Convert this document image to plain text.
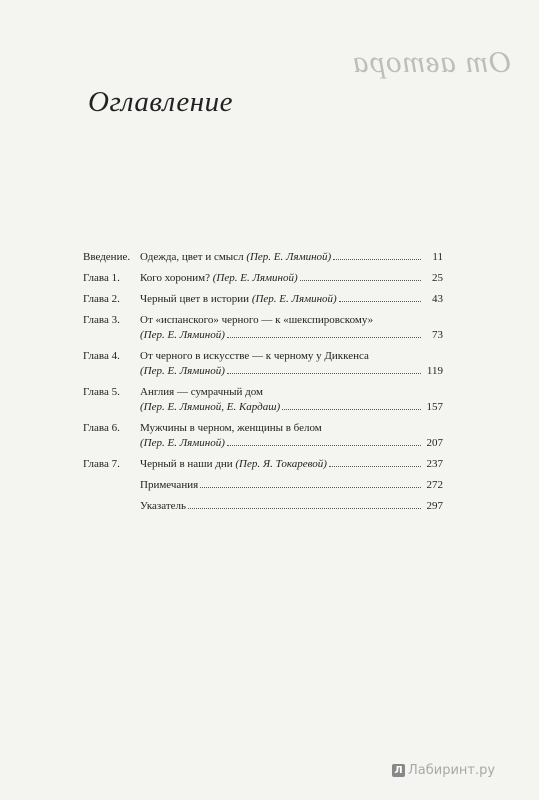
От автора
Оглавление
Введение. Одежда, цвет и смысл (Пер. Е. Ляминой)	11
Глава 1.	Кого хороним? (Пер. Е. Ляминой)	25
Глава 2.	Черный цвет в истории (Пер. Е. Ляминой)	43
Глава 3.	От «испанского» черного — к «шекспировскому»
(Пер. Е. Ляминой)	73
Глава 4.	От черного в искусстве — к черному у Диккенса
(Пер. Е. Ляминой)	119
Глава 5.	Англия — сумрачный дом
(Пер. Е. Ляминой, Е. Кардаш)	157
Глава 6.	Мужчины в черном, женщины в белом
(Пер. Е. Ляминой)	207
Глава 7.	Черный в наши дни (Пер. Я. Токаревой)	237
Примечания	272
Указатель	297
Л Лабиринт.ру
